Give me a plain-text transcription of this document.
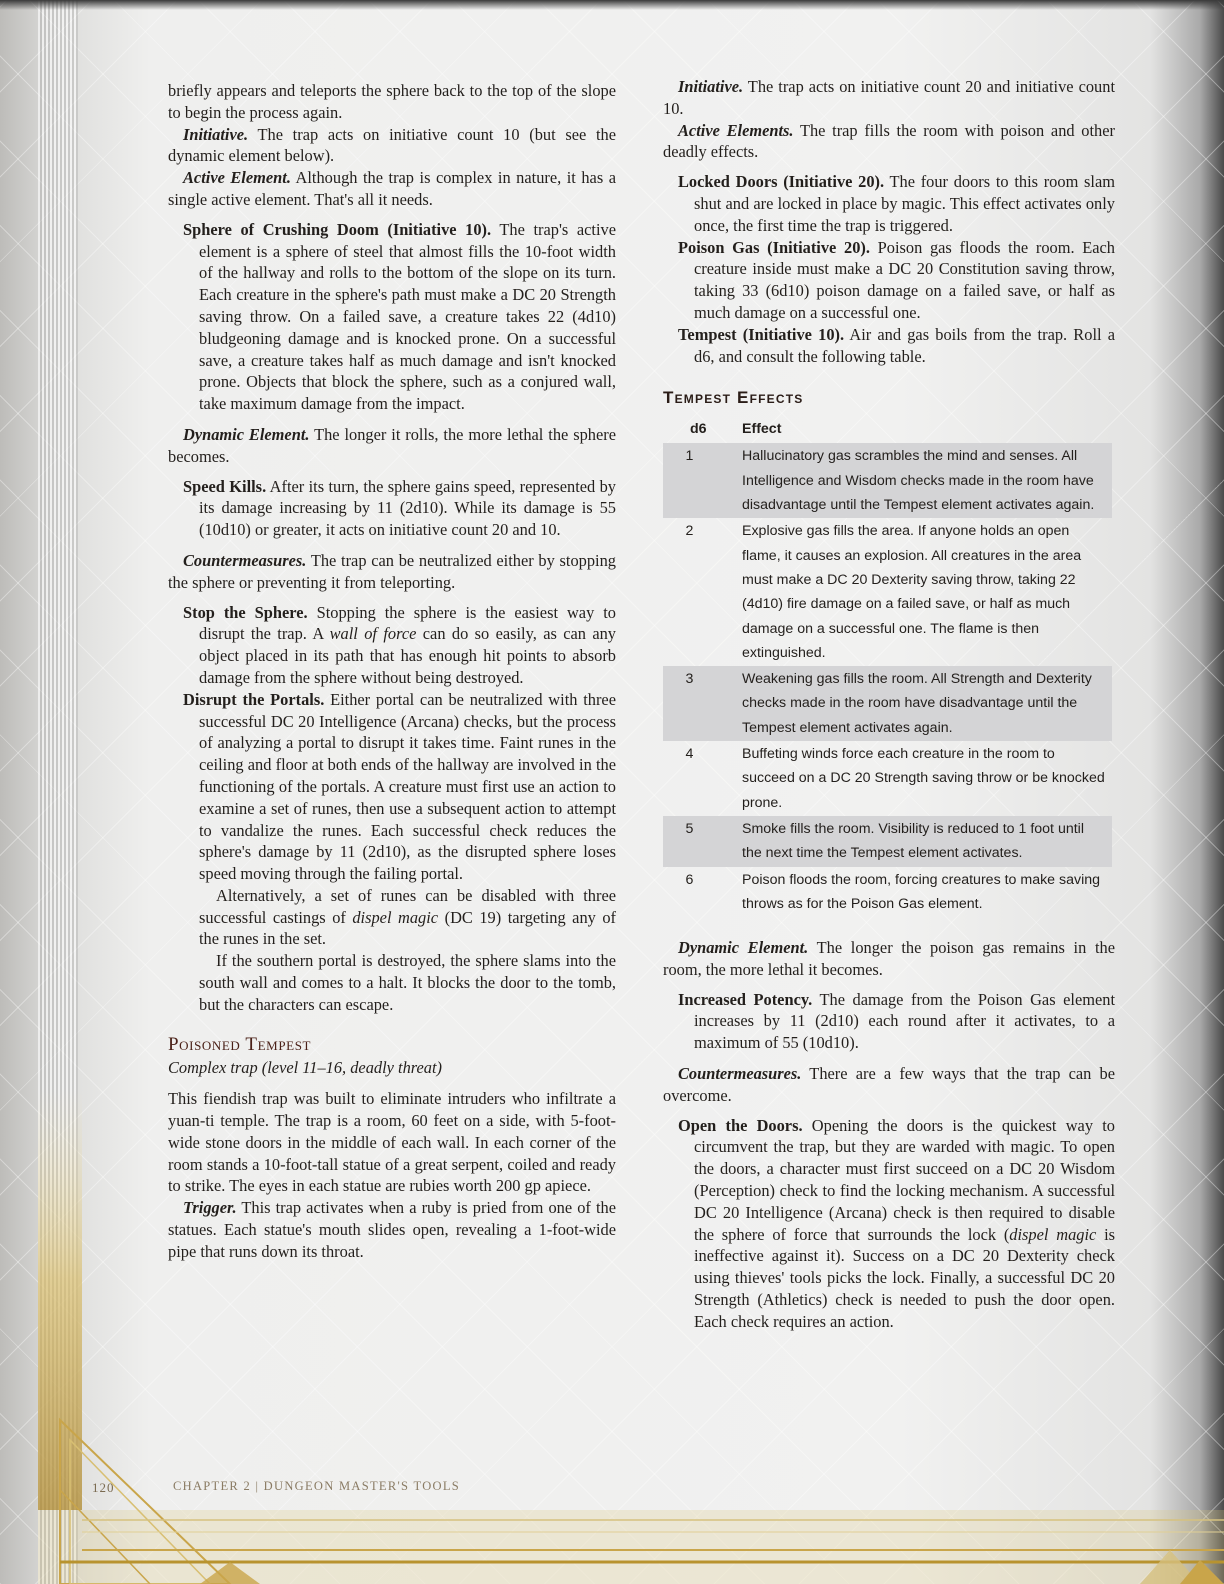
120	CHAPTER 2 | DUNGEON MASTER'S TOOLS

briefly appears and teleports the sphere back to the top of the slope to begin the process again.

Initiative. The trap acts on initiative count 10 (but see the dynamic element below).

Active Element. Although the trap is complex in nature, it has a single active element. That's all it needs.

Sphere of Crushing Doom (Initiative 10). The trap's active element is a sphere of steel that almost fills the 10-foot width of the hallway and rolls to the bottom of the slope on its turn. Each creature in the sphere's path must make a DC 20 Strength saving throw. On a failed save, a creature takes 22 (4d10) bludgeoning damage and is knocked prone. On a successful save, a creature takes half as much damage and isn't knocked prone. Objects that block the sphere, such as a conjured wall, take maximum damage from the impact.

Dynamic Element. The longer it rolls, the more lethal the sphere becomes.

Speed Kills. After its turn, the sphere gains speed, represented by its damage increasing by 11 (2d10). While its damage is 55 (10d10) or greater, it acts on initiative count 20 and 10.

Countermeasures. The trap can be neutralized either by stopping the sphere or preventing it from teleporting.

Stop the Sphere. Stopping the sphere is the easiest way to disrupt the trap. A wall of force can do so easily, as can any object placed in its path that has enough hit points to absorb damage from the sphere without being destroyed.

Disrupt the Portals. Either portal can be neutralized with three successful DC 20 Intelligence (Arcana) checks, but the process of analyzing a portal to disrupt it takes time. Faint runes in the ceiling and floor at both ends of the hallway are involved in the functioning of the portals. A creature must first use an action to examine a set of runes, then use a subsequent action to attempt to vandalize the runes. Each successful check reduces the sphere's damage by 11 (2d10), as the disrupted sphere loses speed moving through the failing portal.

Alternatively, a set of runes can be disabled with three successful castings of dispel magic (DC 19) targeting any of the runes in the set.

If the southern portal is destroyed, the sphere slams into the south wall and comes to a halt. It blocks the door to the tomb, but the characters can escape.

Poisoned Tempest

Complex trap (level 11–16, deadly threat)

This fiendish trap was built to eliminate intruders who infiltrate a yuan-ti temple. The trap is a room, 60 feet on a side, with 5-foot-wide stone doors in the middle of each wall. In each corner of the room stands a 10-foot-tall statue of a great serpent, coiled and ready to strike. The eyes in each statue are rubies worth 200 gp apiece.

Trigger. This trap activates when a ruby is pried from one of the statues. Each statue's mouth slides open, revealing a 1-foot-wide pipe that runs down its throat.

Initiative. The trap acts on initiative count 20 and initiative count 10.

Active Elements. The trap fills the room with poison and other deadly effects.

Locked Doors (Initiative 20). The four doors to this room slam shut and are locked in place by magic. This effect activates only once, the first time the trap is triggered.

Poison Gas (Initiative 20). Poison gas floods the room. Each creature inside must make a DC 20 Constitution saving throw, taking 33 (6d10) poison damage on a failed save, or half as much damage on a successful one.

Tempest (Initiative 10). Air and gas boils from the trap. Roll a d6, and consult the following table.

Tempest Effects
d6	Effect
1	Hallucinatory gas scrambles the mind and senses. All Intelligence and Wisdom checks made in the room have disadvantage until the Tempest element activates again.
2	Explosive gas fills the area. If anyone holds an open flame, it causes an explosion. All creatures in the area must make a DC 20 Dexterity saving throw, taking 22 (4d10) fire damage on a failed save, or half as much damage on a successful one. The flame is then extinguished.
3	Weakening gas fills the room. All Strength and Dexterity checks made in the room have disadvantage until the Tempest element activates again.
4	Buffeting winds force each creature in the room to succeed on a DC 20 Strength saving throw or be knocked prone.
5	Smoke fills the room. Visibility is reduced to 1 foot until the next time the Tempest element activates.
6	Poison floods the room, forcing creatures to make saving throws as for the Poison Gas element.

Dynamic Element. The longer the poison gas remains in the room, the more lethal it becomes.

Increased Potency. The damage from the Poison Gas element increases by 11 (2d10) each round after it activates, to a maximum of 55 (10d10).

Countermeasures. There are a few ways that the trap can be overcome.

Open the Doors. Opening the doors is the quickest way to circumvent the trap, but they are warded with magic. To open the doors, a character must first succeed on a DC 20 Wisdom (Perception) check to find the locking mechanism. A successful DC 20 Intelligence (Arcana) check is then required to disable the sphere of force that surrounds the lock (dispel magic is ineffective against it). Success on a DC 20 Dexterity check using thieves' tools picks the lock. Finally, a successful DC 20 Strength (Athletics) check is needed to push the door open. Each check requires an action.
